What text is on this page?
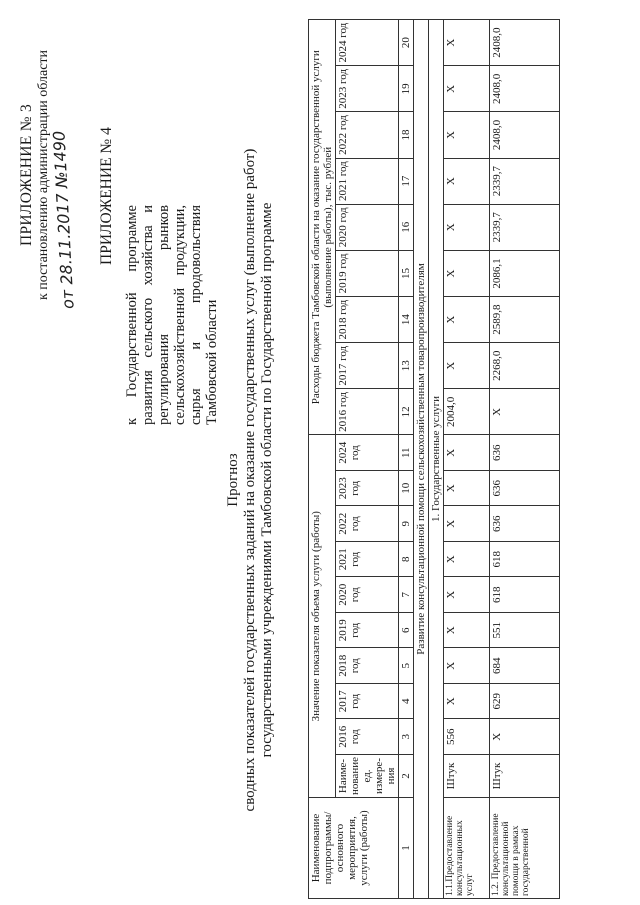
ПРИЛОЖЕНИЕ № 3 к постановлению администрации области
от 28.11.2017 №1490 ПРИЛОЖЕНИЕ № 4
к Государственной программе развития сельского хозяйства и регулирования рынков сельскохозяйственной продукции, сырья и продовольствия Тамбовской области
Прогноз сводных показателей государственных заданий на оказание государственных услуг (выполнение работ) государственными учреждениями Тамбовской области по Государственной программе
Наименование подпрограммы/ основного мероприятия, услуги (работы)	Значение показателя объема услуги (работы)										Расходы бюджета Тамбовской области на оказание государственной услуги (выполнение работы), тыс. рублей								
	Наиме-нование ед. измере-ния	2016 год	2017 год	2018 год	2019 год	2020 год	2021 год	2022 год	2023 год	2024 год	2016 год	2017 год	2018 год	2019 год	2020 год	2021 год	2022 год	2023 год	2024 год
1	2	3	4	5	6	7	8	9	10	11	12	13	14	15	16	17	18	19	20
Развитие консультационной помощи сельскохозяйственным товаропроизводителям																			
1. Государственные услуги																			
1.1.Предоставление консультационных услуг	Штук	556	Х	Х	Х	Х	Х	Х	Х	Х	2004,0	Х	Х	Х	Х	Х	Х	Х	Х
1.2. Предоставление консультационной помощи в рамках государственной	Штук	Х	629	684	551	618	618	636	636	636	Х	2268,0	2589,8	2086,1	2339,7	2339,7	2408,0	2408,0	2408,0
